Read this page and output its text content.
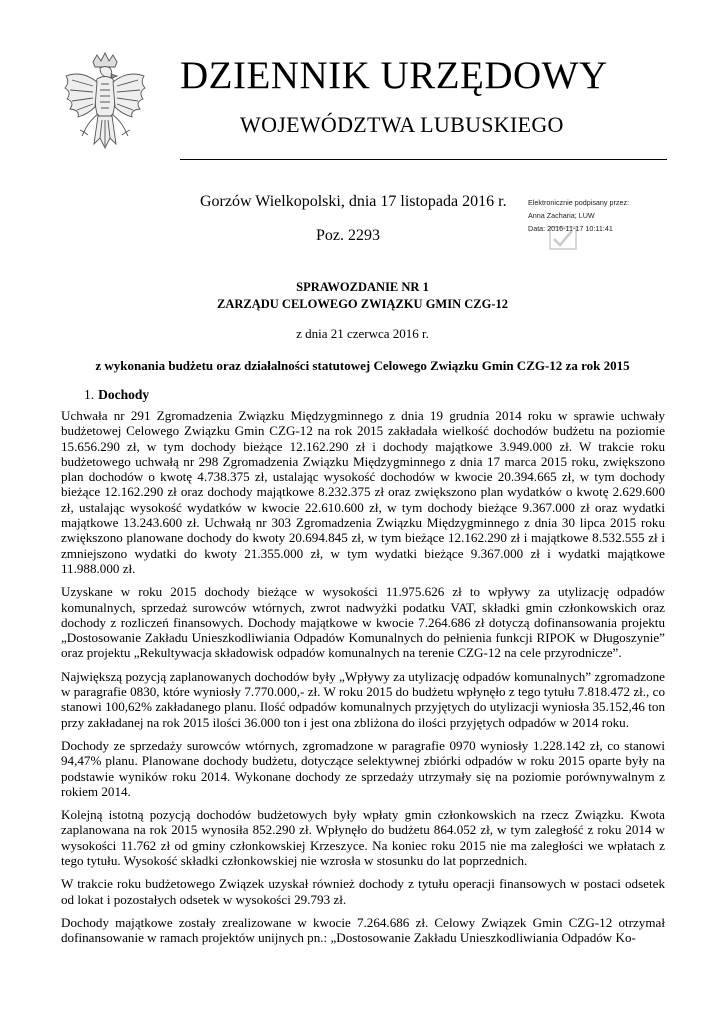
DZIENNIK URZĘDOWY
WOJEWÓDZTWA LUBUSKIEGO
Gorzów Wielkopolski, dnia 17 listopada 2016 r.	Elektronicznie podpisany przez:
Anna Zacharia; LUW
Data: 2016-11-17 10:11:41
Poz. 2293
SPRAWOZDANIE NR 1
ZARZĄDU CELOWEGO ZWIĄZKU GMIN CZG-12
z dnia 21 czerwca 2016 r.
z wykonania budżetu oraz działalności statutowej Celowego Związku Gmin CZG-12 za rok 2015
1. Dochody

Uchwała nr 291 Zgromadzenia Związku Międzygminnego z dnia 19 grudnia 2014 roku w sprawie uchwały budżetowej Celowego Związku Gmin CZG-12 na rok 2015 zakładała wielkość dochodów budżetu na poziomie 15.656.290 zł, w tym dochody bieżące 12.162.290 zł i dochody majątkowe 3.949.000 zł. W trakcie roku budżetowego uchwałą nr 298 Zgromadzenia Związku Międzygminnego z dnia 17 marca 2015 roku, zwiększono plan dochodów o kwotę 4.738.375 zł, ustalając wysokość dochodów w kwocie 20.394.665 zł, w tym dochody bieżące 12.162.290 zł oraz dochody majątkowe 8.232.375 zł oraz zwiększono plan wydatków o kwotę 2.629.600 zł, ustalając wysokość wydatków w kwocie 22.610.600 zł, w tym dochody bieżące 9.367.000 zł oraz wydatki majątkowe 13.243.600 zł. Uchwałą nr 303 Zgromadzenia Związku Międzygminnego z dnia 30 lipca 2015 roku zwiększono planowane dochody do kwoty 20.694.845 zł, w tym bieżące 12.162.290 zł i majątkowe 8.532.555 zł i zmniejszono wydatki do kwoty 21.355.000 zł, w tym wydatki bieżące 9.367.000 zł i wydatki majątkowe 11.988.000 zł.

Uzyskane w roku 2015 dochody bieżące w wysokości 11.975.626 zł to wpływy za utylizację odpadów komunalnych, sprzedaż surowców wtórnych, zwrot nadwyżki podatku VAT, składki gmin członkowskich oraz dochody z rozliczeń finansowych. Dochody majątkowe w kwocie 7.264.686 zł dotyczą dofinansowania projektu „Dostosowanie Zakładu Unieszkodliwiania Odpadów Komunalnych do pełnienia funkcji RIPOK w Długoszynie” oraz projektu „Rekultywacja składowisk odpadów komunalnych na terenie CZG-12 na cele przyrodnicze”.

Największą pozycją zaplanowanych dochodów były „Wpływy za utylizację odpadów komunalnych” zgromadzone w paragrafie 0830, które wyniosły 7.770.000,- zł. W roku 2015 do budżetu wpłynęło z tego tytułu 7.818.472 zł., co stanowi 100,62% zakładanego planu. Ilość odpadów komunalnych przyjętych do utylizacji wyniosła 35.152,46 ton przy zakładanej na rok 2015 ilości 36.000 ton i jest ona zbliżona do ilości przyjętych odpadów w 2014 roku.

Dochody ze sprzedaży surowców wtórnych, zgromadzone w paragrafie 0970 wyniosły 1.228.142 zł, co stanowi 94,47% planu. Planowane dochody budżetu, dotyczące selektywnej zbiórki odpadów w roku 2015 oparte były na podstawie wyników roku 2014. Wykonane dochody ze sprzedaży utrzymały się na poziomie porównywalnym z rokiem 2014.

Kolejną istotną pozycją dochodów budżetowych były wpłaty gmin członkowskich na rzecz Związku. Kwota zaplanowana na rok 2015 wynosiła 852.290 zł. Wpłynęło do budżetu 864.052 zł, w tym zaległość z roku 2014 w wysokości 11.762 zł od gminy członkowskiej Krzeszyce. Na koniec roku 2015 nie ma zaległości we wpłatach z tego tytułu. Wysokość składki członkowskiej nie wzrosła w stosunku do lat poprzednich.

W trakcie roku budżetowego Związek uzyskał również dochody z tytułu operacji finansowych w postaci odsetek od lokat i pozostałych odsetek w wysokości 29.793 zł.

Dochody majątkowe zostały zrealizowane w kwocie 7.264.686 zł. Celowy Związek Gmin CZG-12 otrzymał dofinansowanie w ramach projektów unijnych pn.: „Dostosowanie Zakładu Unieszkodliwiania Odpadów Ko-
